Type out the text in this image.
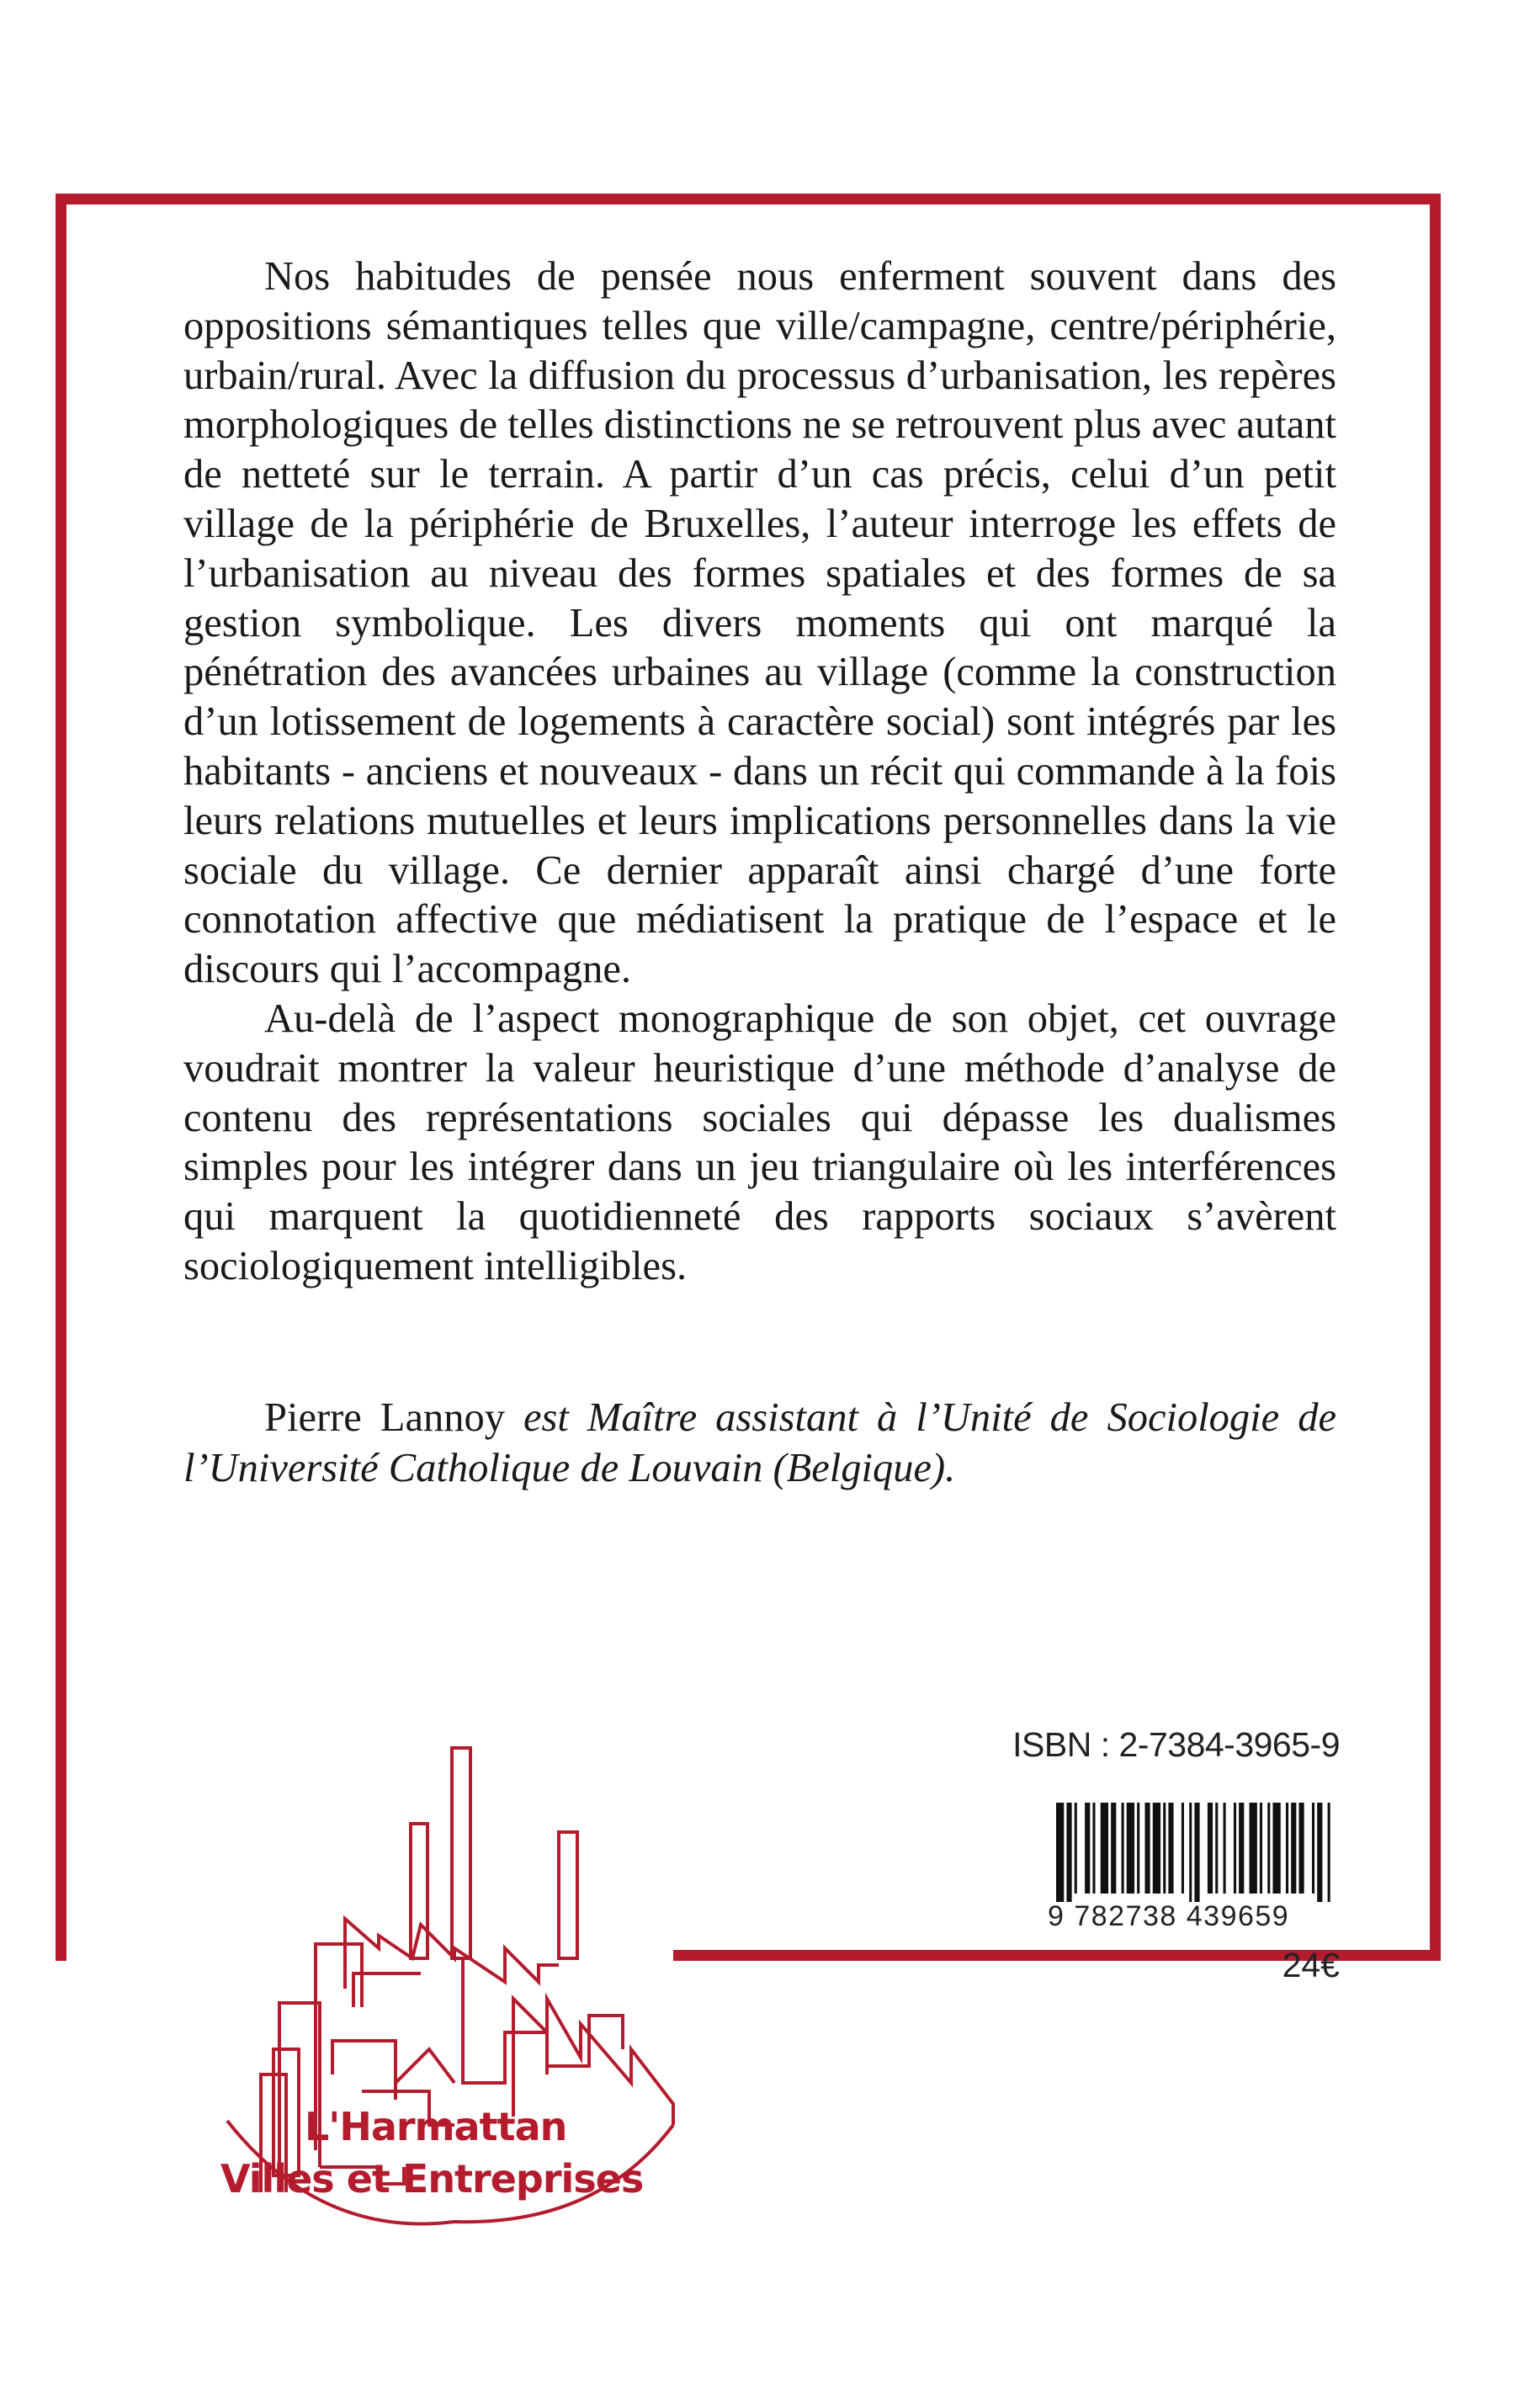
Nos habitudes de pensée nous enferment souvent dans des oppositions sémantiques telles que ville/campagne, centre/périphérie, urbain/rural. Avec la diffusion du processus d’urbanisation, les repères morphologiques de telles distinctions ne se retrouvent plus avec autant de netteté sur le terrain. A partir d’un cas précis, celui d’un petit village de la périphérie de Bruxelles, l’auteur interroge les effets de l’urbanisation au niveau des formes spatiales et des formes de sa gestion symbolique. Les divers moments qui ont marqué la pénétration des avancées urbaines au village (comme la construction d’un lotissement de logements à caractère social) sont intégrés par les habitants - anciens et nouveaux - dans un récit qui commande à la fois leurs relations mutuelles et leurs implications personnelles dans la vie sociale du village. Ce dernier apparaît ainsi chargé d’une forte connotation affective que médiatisent la pratique de l’espace et le discours qui l’accompagne.

Au-delà de l’aspect monographique de son objet, cet ouvrage voudrait montrer la valeur heuristique d’une méthode d’analyse de contenu des représentations sociales qui dépasse les dualismes simples pour les intégrer dans un jeu triangulaire où les interférences qui marquent la quotidienneté des rapports sociaux s’avèrent sociologiquement intelligibles.

Pierre Lannoy est Maître assistant à l’Unité de Sociologie de l’Université Catholique de Louvain (Belgique).

ISBN : 2-7384-3965-9
9 782738 439659
24€
L'Harmattan
Villes et Entreprises
